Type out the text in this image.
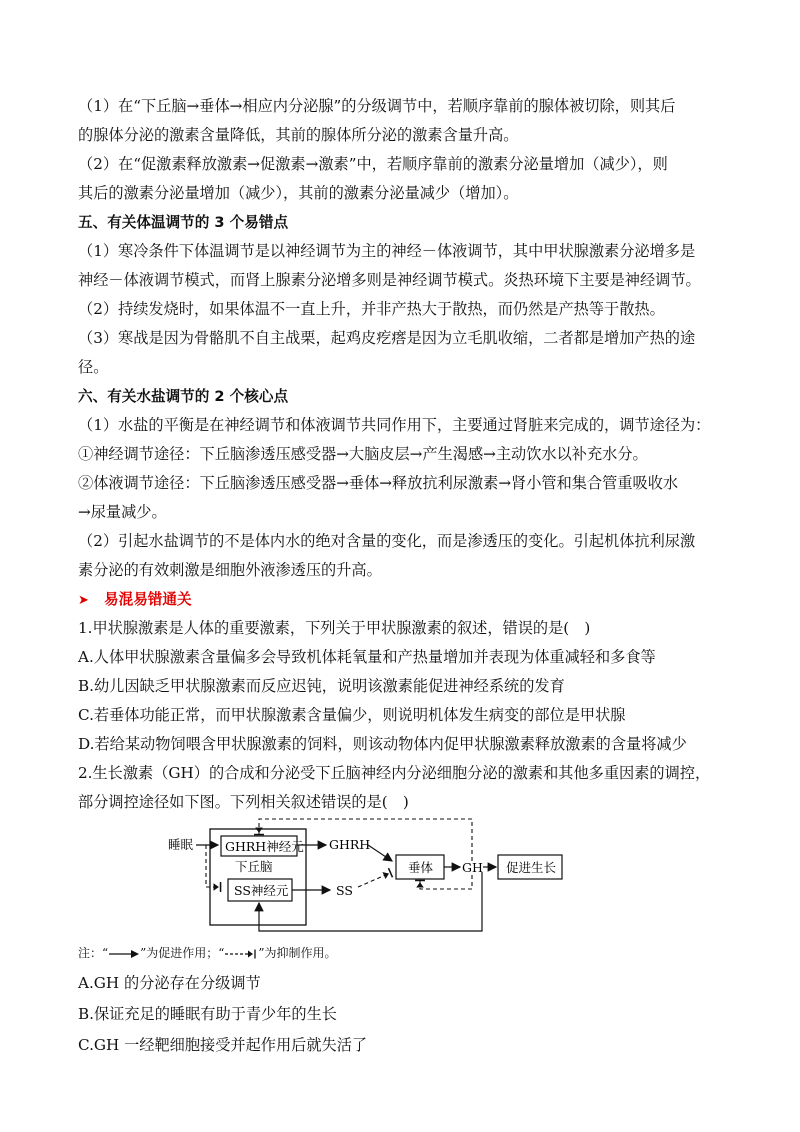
（1）在“下丘脑→垂体→相应内分泌腺”的分级调节中，若顺序靠前的腺体被切除，则其后
的腺体分泌的激素含量降低，其前的腺体所分泌的激素含量升高。
（2）在“促激素释放激素→促激素→激素”中，若顺序靠前的激素分泌量增加（减少），则
其后的激素分泌量增加（减少），其前的激素分泌量减少（增加）。
五、有关体温调节的 3 个易错点
（1）寒冷条件下体温调节是以神经调节为主的神经－体液调节，其中甲状腺激素分泌增多是
神经－体液调节模式，而肾上腺素分泌增多则是神经调节模式。炎热环境下主要是神经调节。
（2）持续发烧时，如果体温不一直上升，并非产热大于散热，而仍然是产热等于散热。
（3）寒战是因为骨骼肌不自主战栗，起鸡皮疙瘩是因为立毛肌收缩，二者都是增加产热的途
径。
六、有关水盐调节的 2 个核心点
（1）水盐的平衡是在神经调节和体液调节共同作用下，主要通过肾脏来完成的，调节途径为：
①神经调节途径：下丘脑渗透压感受器→大脑皮层→产生渴感→主动饮水以补充水分。
②体液调节途径：下丘脑渗透压感受器→垂体→释放抗利尿激素→肾小管和集合管重吸收水
→尿量减少。
（2）引起水盐调节的不是体内水的绝对含量的变化，而是渗透压的变化。引起机体抗利尿激
素分泌的有效刺激是细胞外液渗透压的升高。
➤ 易混易错通关
1.甲状腺激素是人体的重要激素，下列关于甲状腺激素的叙述，错误的是(　)
A.人体甲状腺激素含量偏多会导致机体耗氧量和产热量增加并表现为体重减轻和多食等
B.幼儿因缺乏甲状腺激素而反应迟钝，说明该激素能促进神经系统的发育
C.若垂体功能正常，而甲状腺激素含量偏少，则说明机体发生病变的部位是甲状腺
D.若给某动物饲喂含甲状腺激素的饲料，则该动物体内促甲状腺激素释放激素的含量将减少
2.生长激素（GH）的合成和分泌受下丘脑神经内分泌细胞分泌的激素和其他多重因素的调控，
部分调控途径如下图。下列相关叙述错误的是(　)
睡眠	GHRH神经元
下丘脑
SS神经元
GHRH
SS
垂体 GH 促进生长
注：“	”为促进作用；“	”为抑制作用。
A.GH 的分泌存在分级调节
B.保证充足的睡眠有助于青少年的生长
C.GH 一经靶细胞接受并起作用后就失活了
